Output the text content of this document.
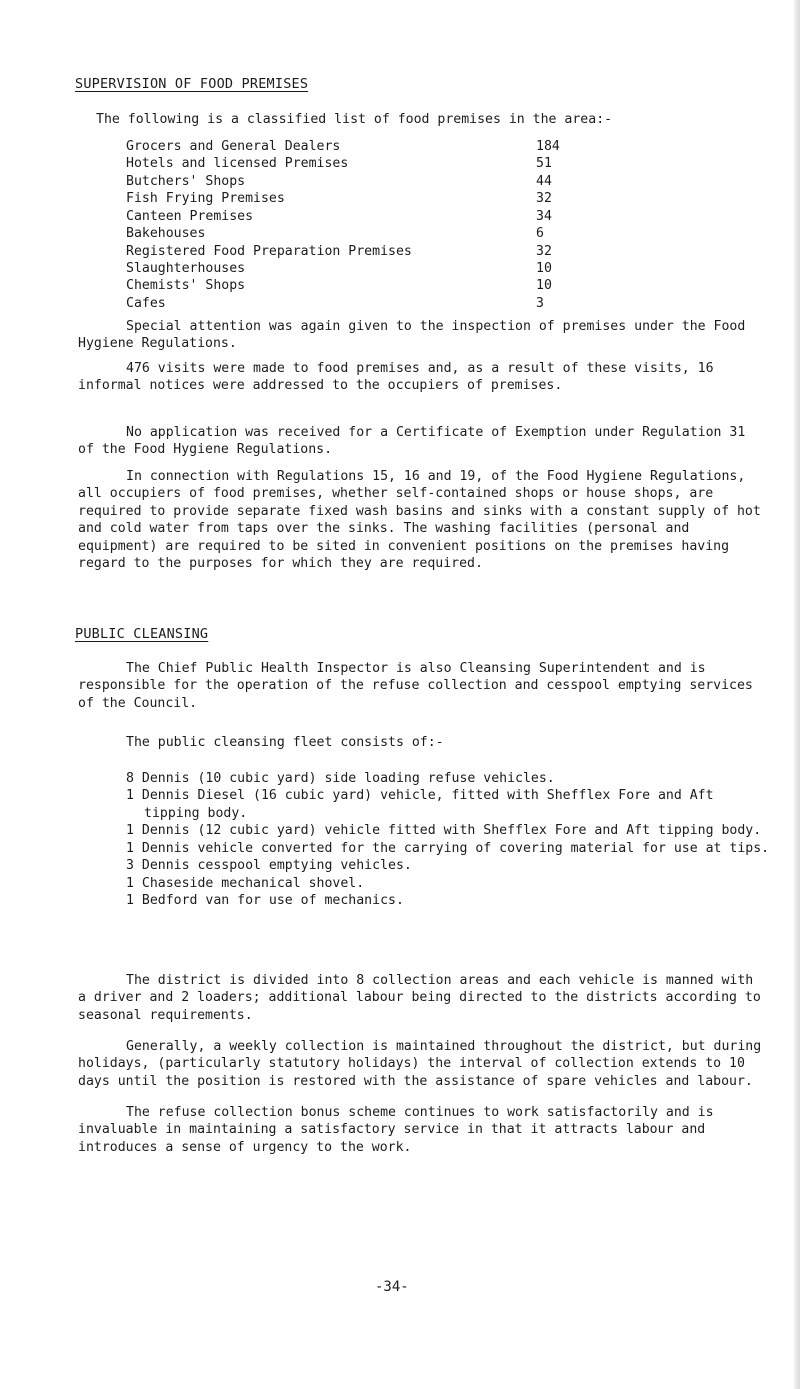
SUPERVISION OF FOOD PREMISES

The following is a classified list of food premises in the area:-

Grocers and General Dealers	184
Hotels and licensed Premises	51
Butchers' Shops	44
Fish Frying Premises	32
Canteen Premises	34
Bakehouses	6
Registered Food Preparation Premises	32
Slaughterhouses	10
Chemists' Shops	10
Cafes	3

Special attention was again given to the inspection of premises under the Food Hygiene Regulations.

476 visits were made to food premises and, as a result of these visits, 16 informal notices were addressed to the occupiers of premises.

No application was received for a Certificate of Exemption under Regulation 31 of the Food Hygiene Regulations.

In connection with Regulations 15, 16 and 19, of the Food Hygiene Regulations, all occupiers of food premises, whether self-contained shops or house shops, are required to provide separate fixed wash basins and sinks with a constant supply of hot and cold water from taps over the sinks. The washing facilities (personal and equipment) are required to be sited in convenient positions on the premises having regard to the purposes for which they are required.

PUBLIC CLEANSING

The Chief Public Health Inspector is also Cleansing Superintendent and is responsible for the operation of the refuse collection and cesspool emptying services of the Council.

The public cleansing fleet consists of:-

8 Dennis (10 cubic yard) side loading refuse vehicles.
1 Dennis Diesel (16 cubic yard) vehicle, fitted with Shefflex Fore and Aft tipping body.
1 Dennis (12 cubic yard) vehicle fitted with Shefflex Fore and Aft tipping body.
1 Dennis vehicle converted for the carrying of covering material for use at tips.
3 Dennis cesspool emptying vehicles.
1 Chaseside mechanical shovel.
1 Bedford van for use of mechanics.

The district is divided into 8 collection areas and each vehicle is manned with a driver and 2 loaders; additional labour being directed to the districts according to seasonal requirements.

Generally, a weekly collection is maintained throughout the district, but during holidays, (particularly statutory holidays) the interval of collection extends to 10 days until the position is restored with the assistance of spare vehicles and labour.

The refuse collection bonus scheme continues to work satisfactorily and is invaluable in maintaining a satisfactory service in that it attracts labour and introduces a sense of urgency to the work.

-34-
